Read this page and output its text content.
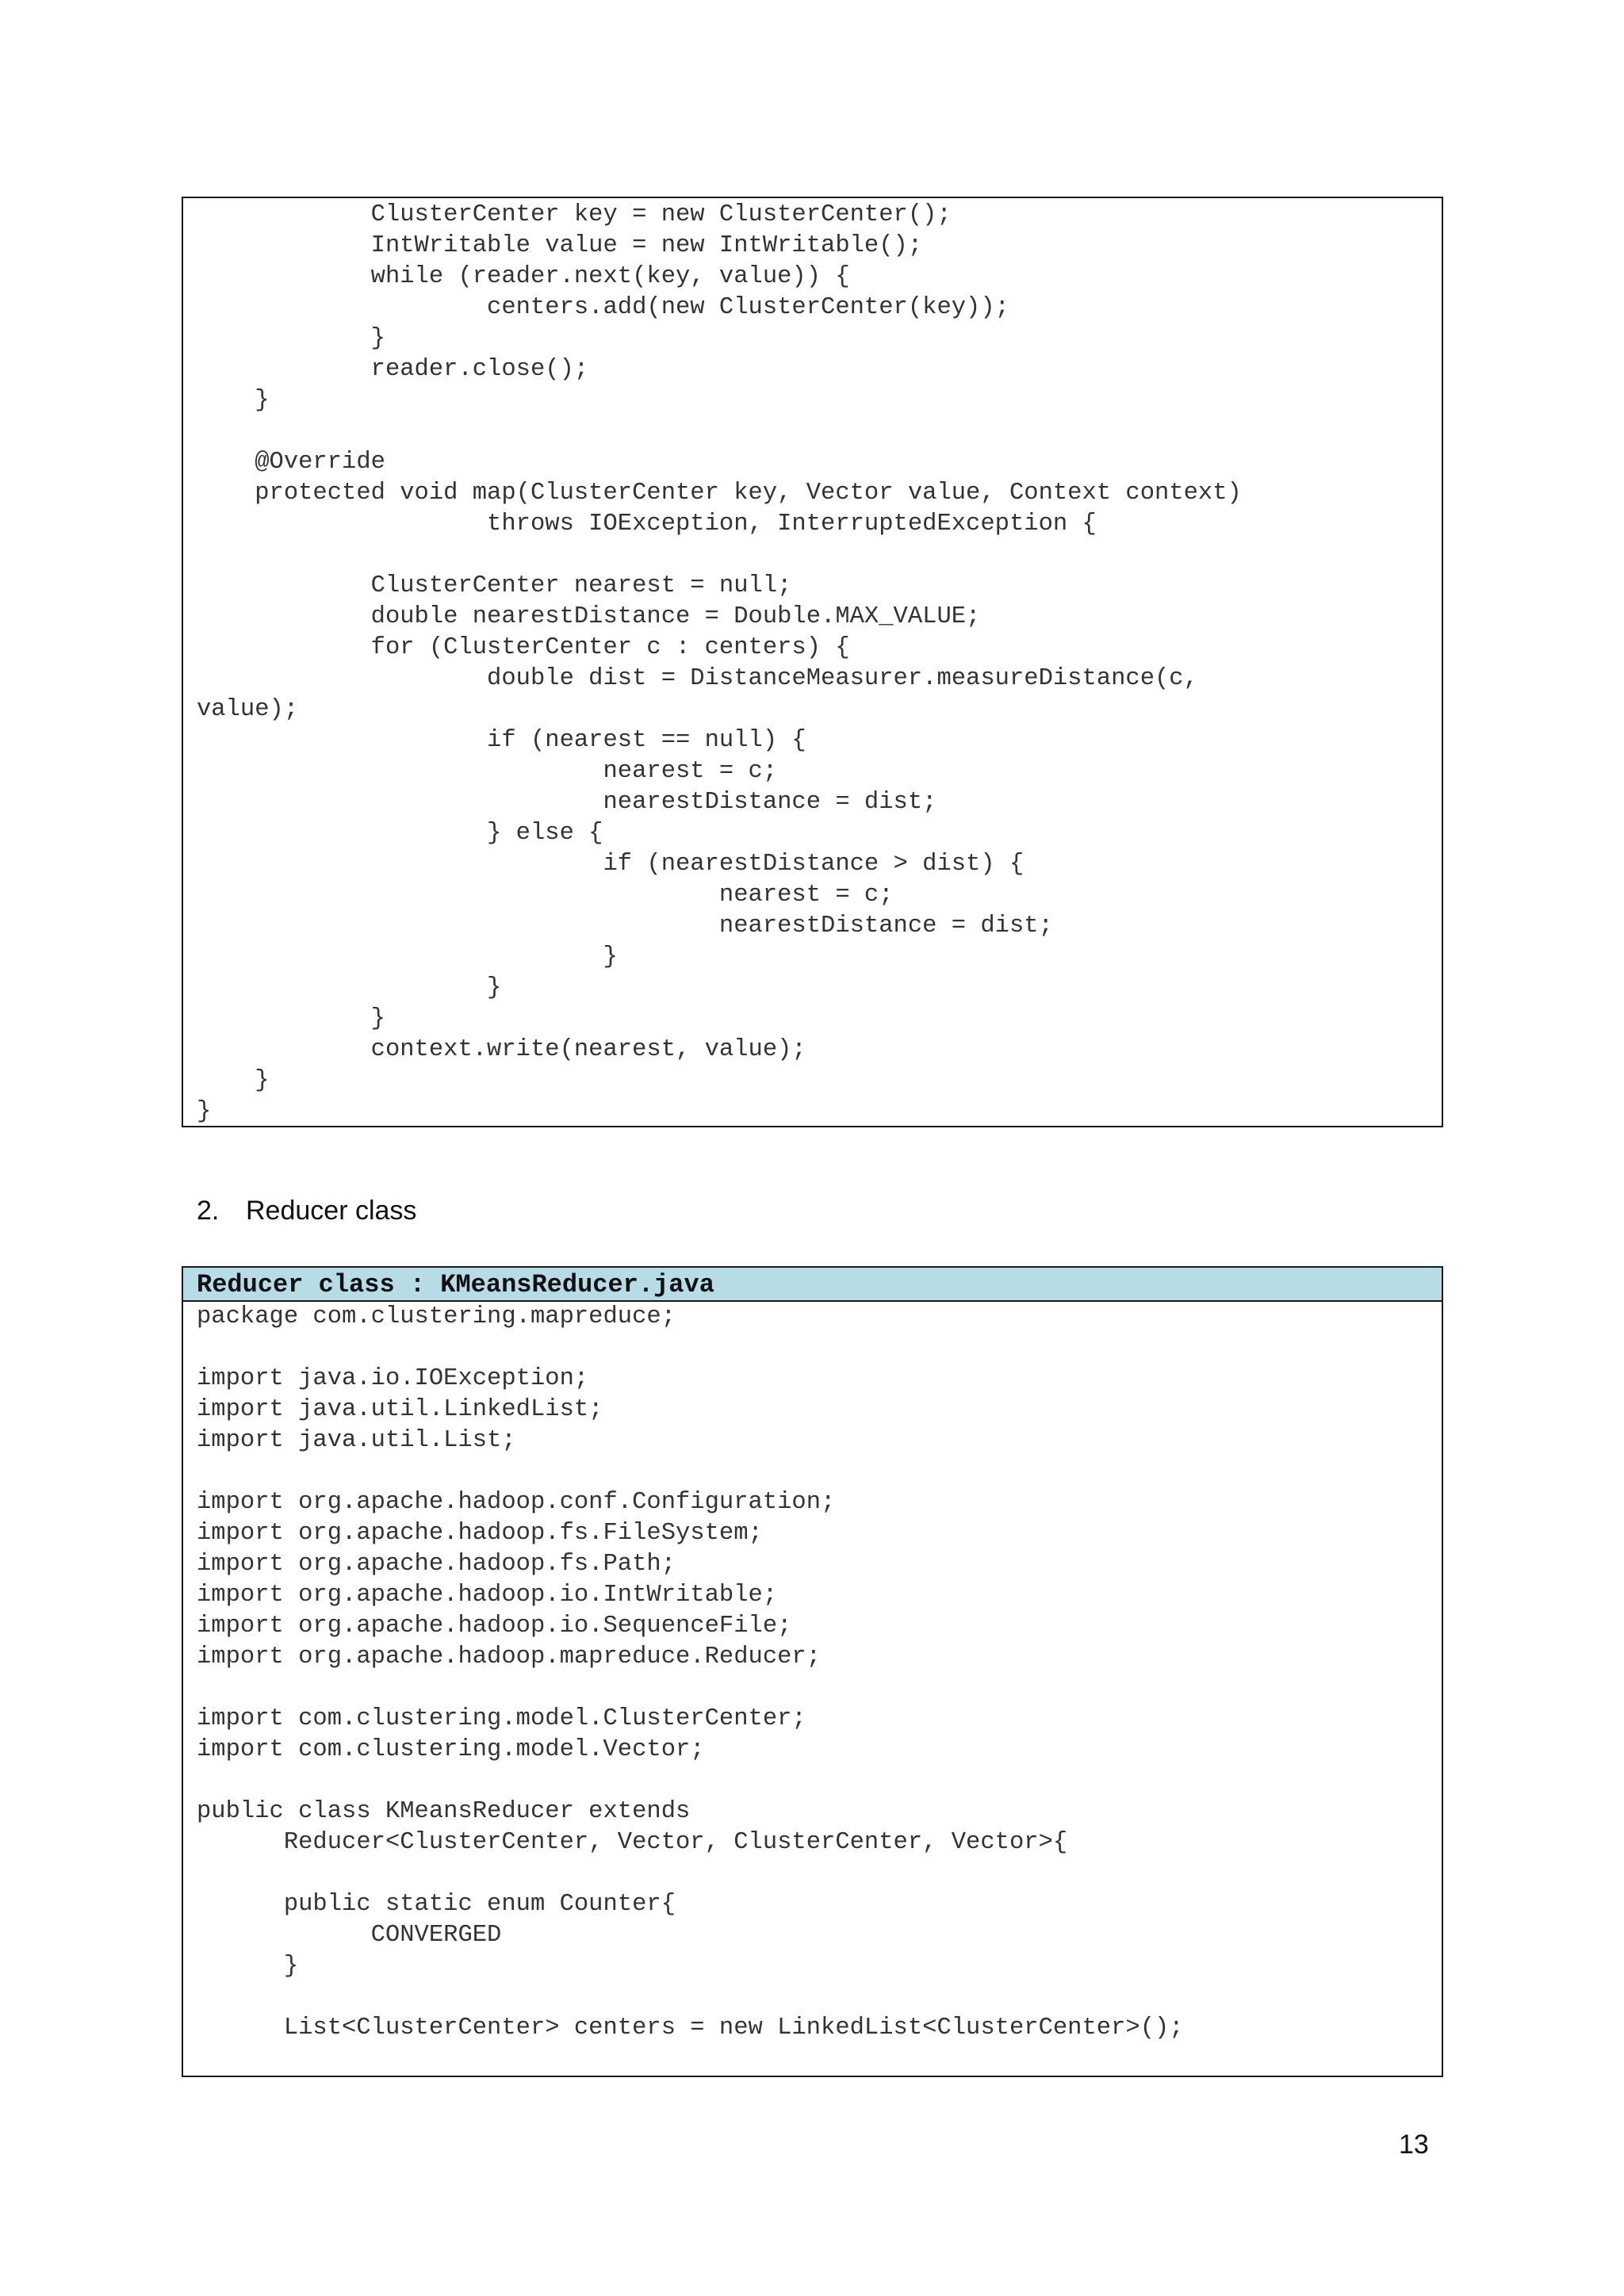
ClusterCenter key = new ClusterCenter();
IntWritable value = new IntWritable();
while (reader.next(key, value)) {
centers.add(new ClusterCenter(key));
}
reader.close();
}
@Override
protected void map(ClusterCenter key, Vector value, Context context)
throws IOException, InterruptedException {
ClusterCenter nearest = null;
double nearestDistance = Double.MAX_VALUE;
for (ClusterCenter c : centers) {
double dist = DistanceMeasurer.measureDistance(c,
value);
if (nearest == null) {
nearest = c;
nearestDistance = dist;
} else {
if (nearestDistance > dist) {
nearest = c;
nearestDistance = dist;
}
}
}
context.write(nearest, value);
}
}
2. Reducer class
Reducer class : KMeansReducer.java
package com.clustering.mapreduce;
import java.io.IOException;
import java.util.LinkedList;
import java.util.List;
import org.apache.hadoop.conf.Configuration;
import org.apache.hadoop.fs.FileSystem;
import org.apache.hadoop.fs.Path;
import org.apache.hadoop.io.IntWritable;
import org.apache.hadoop.io.SequenceFile;
import org.apache.hadoop.mapreduce.Reducer;
import com.clustering.model.ClusterCenter;
import com.clustering.model.Vector;
public class KMeansReducer extends
Reducer<ClusterCenter, Vector, ClusterCenter, Vector>{
public static enum Counter{
CONVERGED
}
List<ClusterCenter> centers = new LinkedList<ClusterCenter>();
13
